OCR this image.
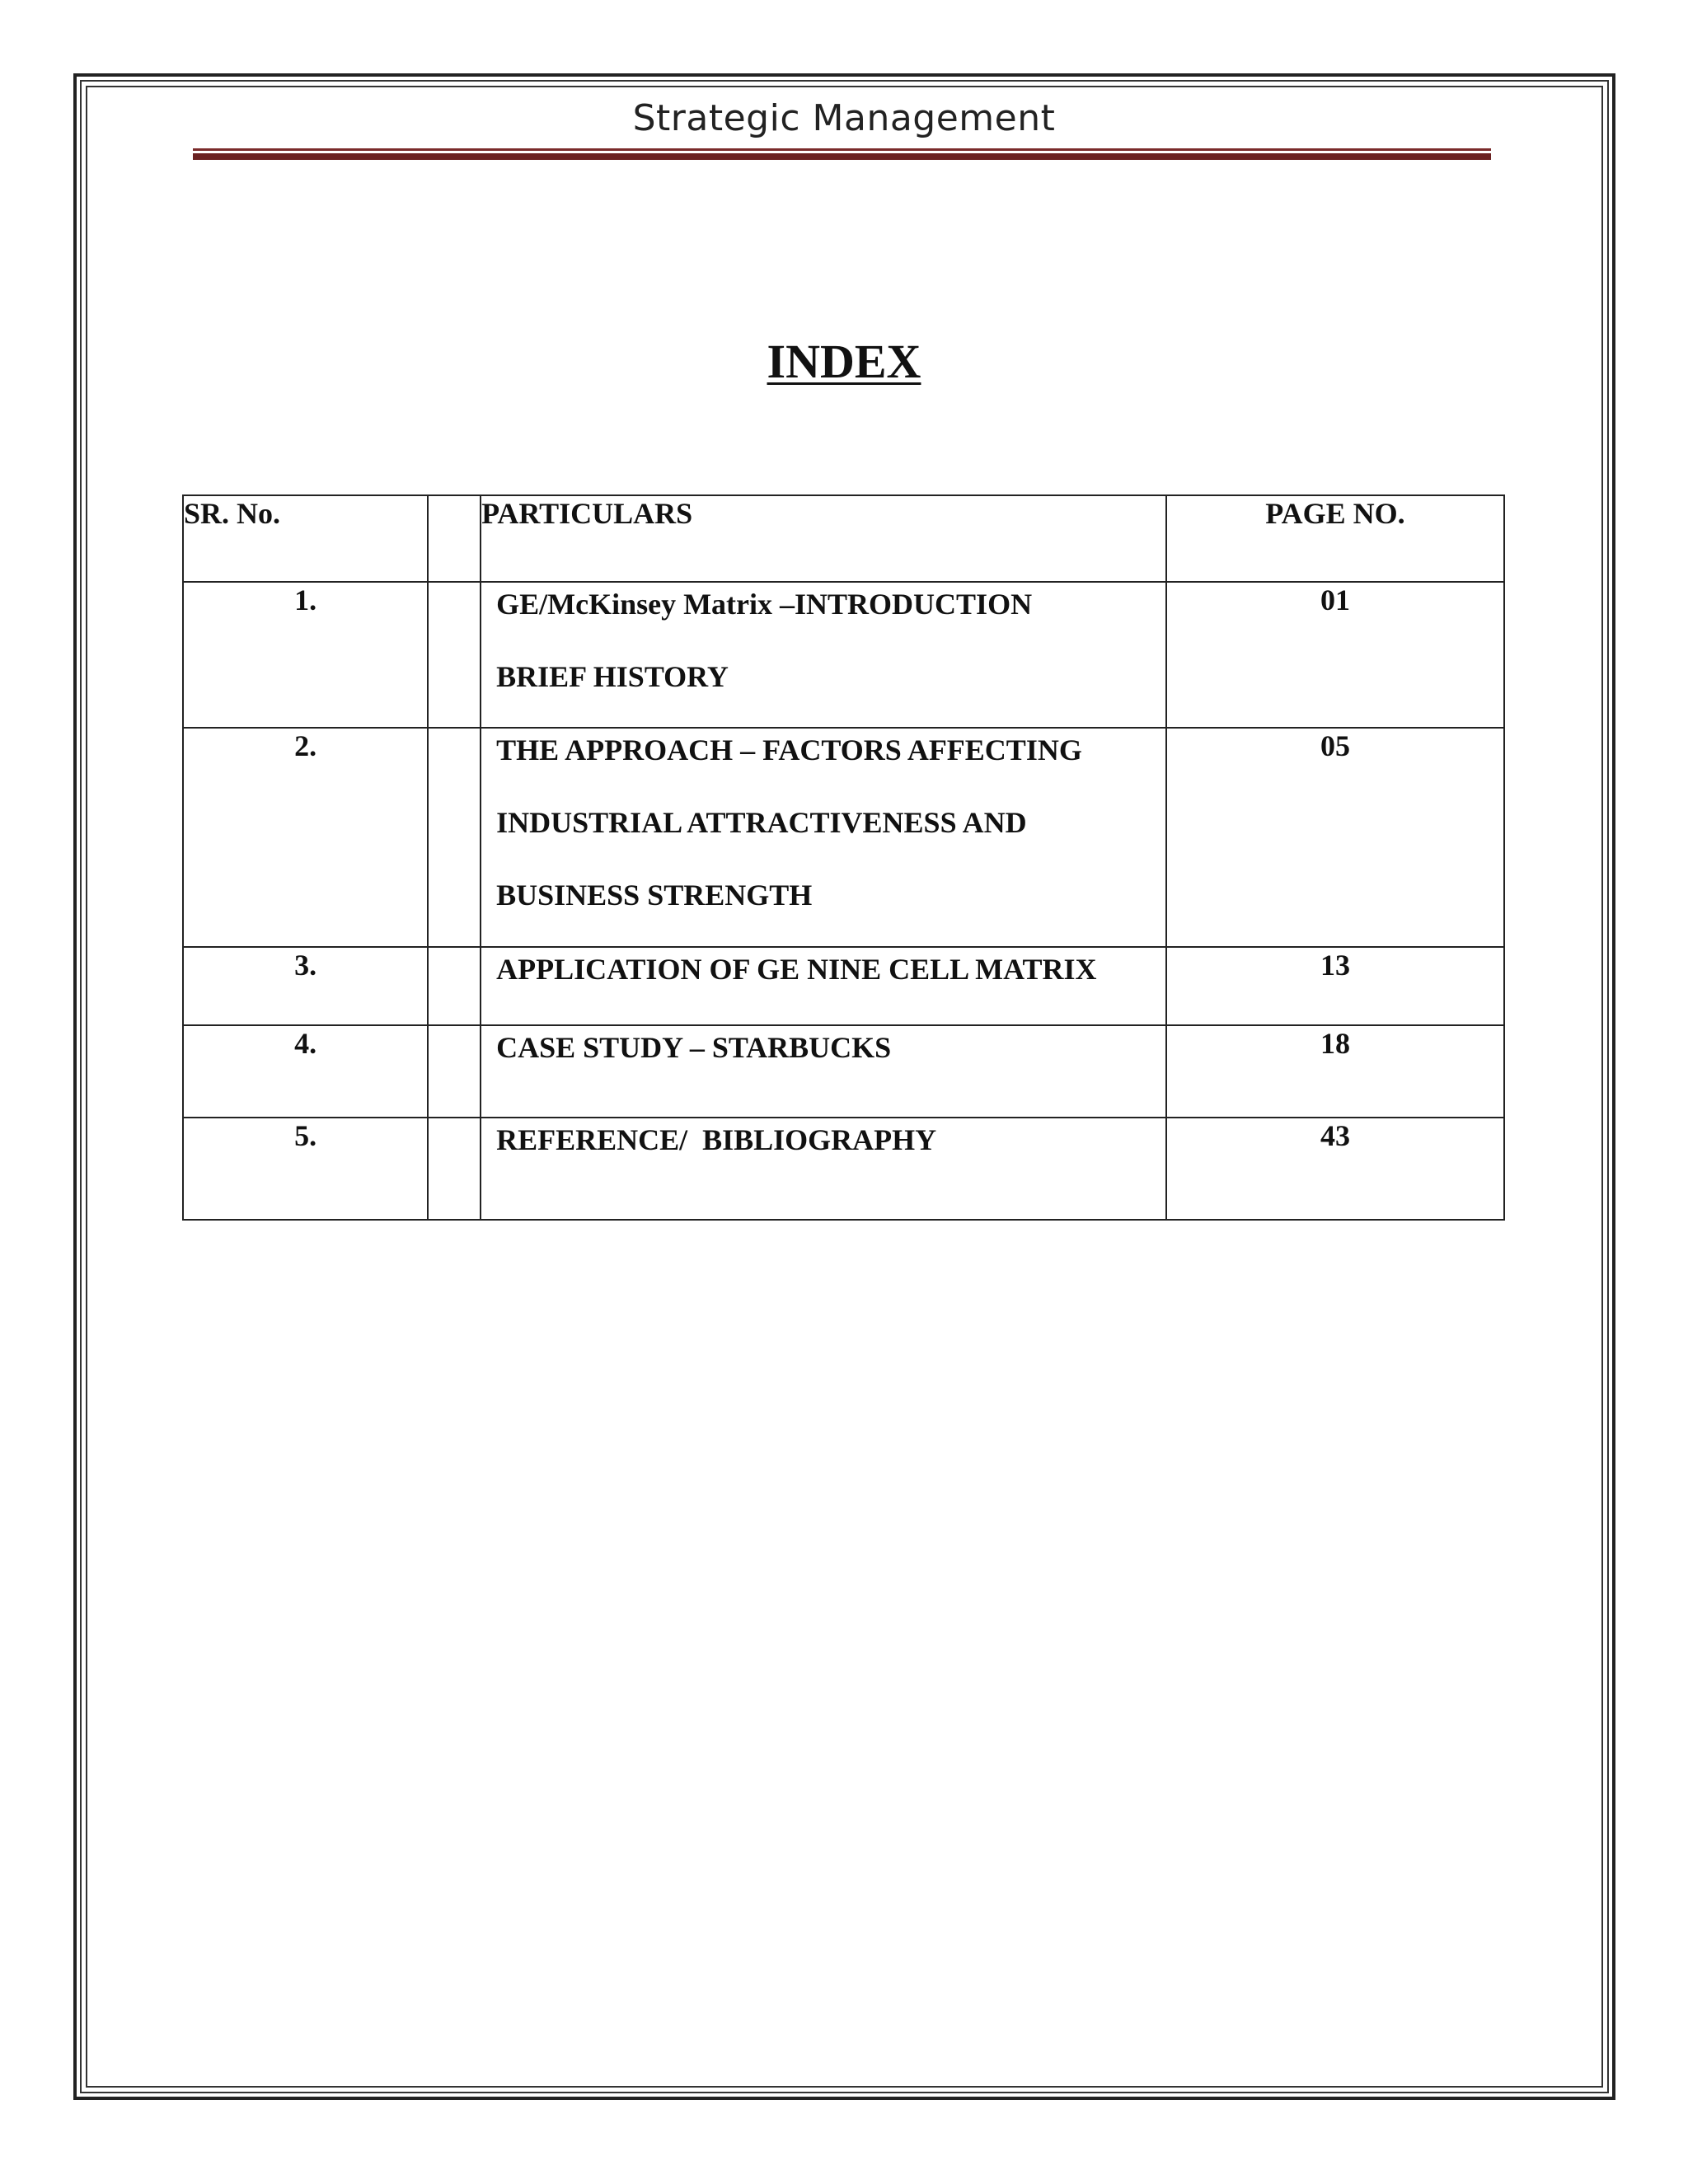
Strategic Management
INDEX
SR. No.		PARTICULARS	PAGE NO.
1.		GE/McKinsey Matrix –INTRODUCTION
BRIEF HISTORY	01
2.		THE APPROACH – FACTORS AFFECTING
INDUSTRIAL ATTRACTIVENESS AND
BUSINESS STRENGTH	05
3.		APPLICATION OF GE NINE CELL MATRIX	13
4.		CASE STUDY – STARBUCKS	18
5.		REFERENCE/  BIBLIOGRAPHY	43
